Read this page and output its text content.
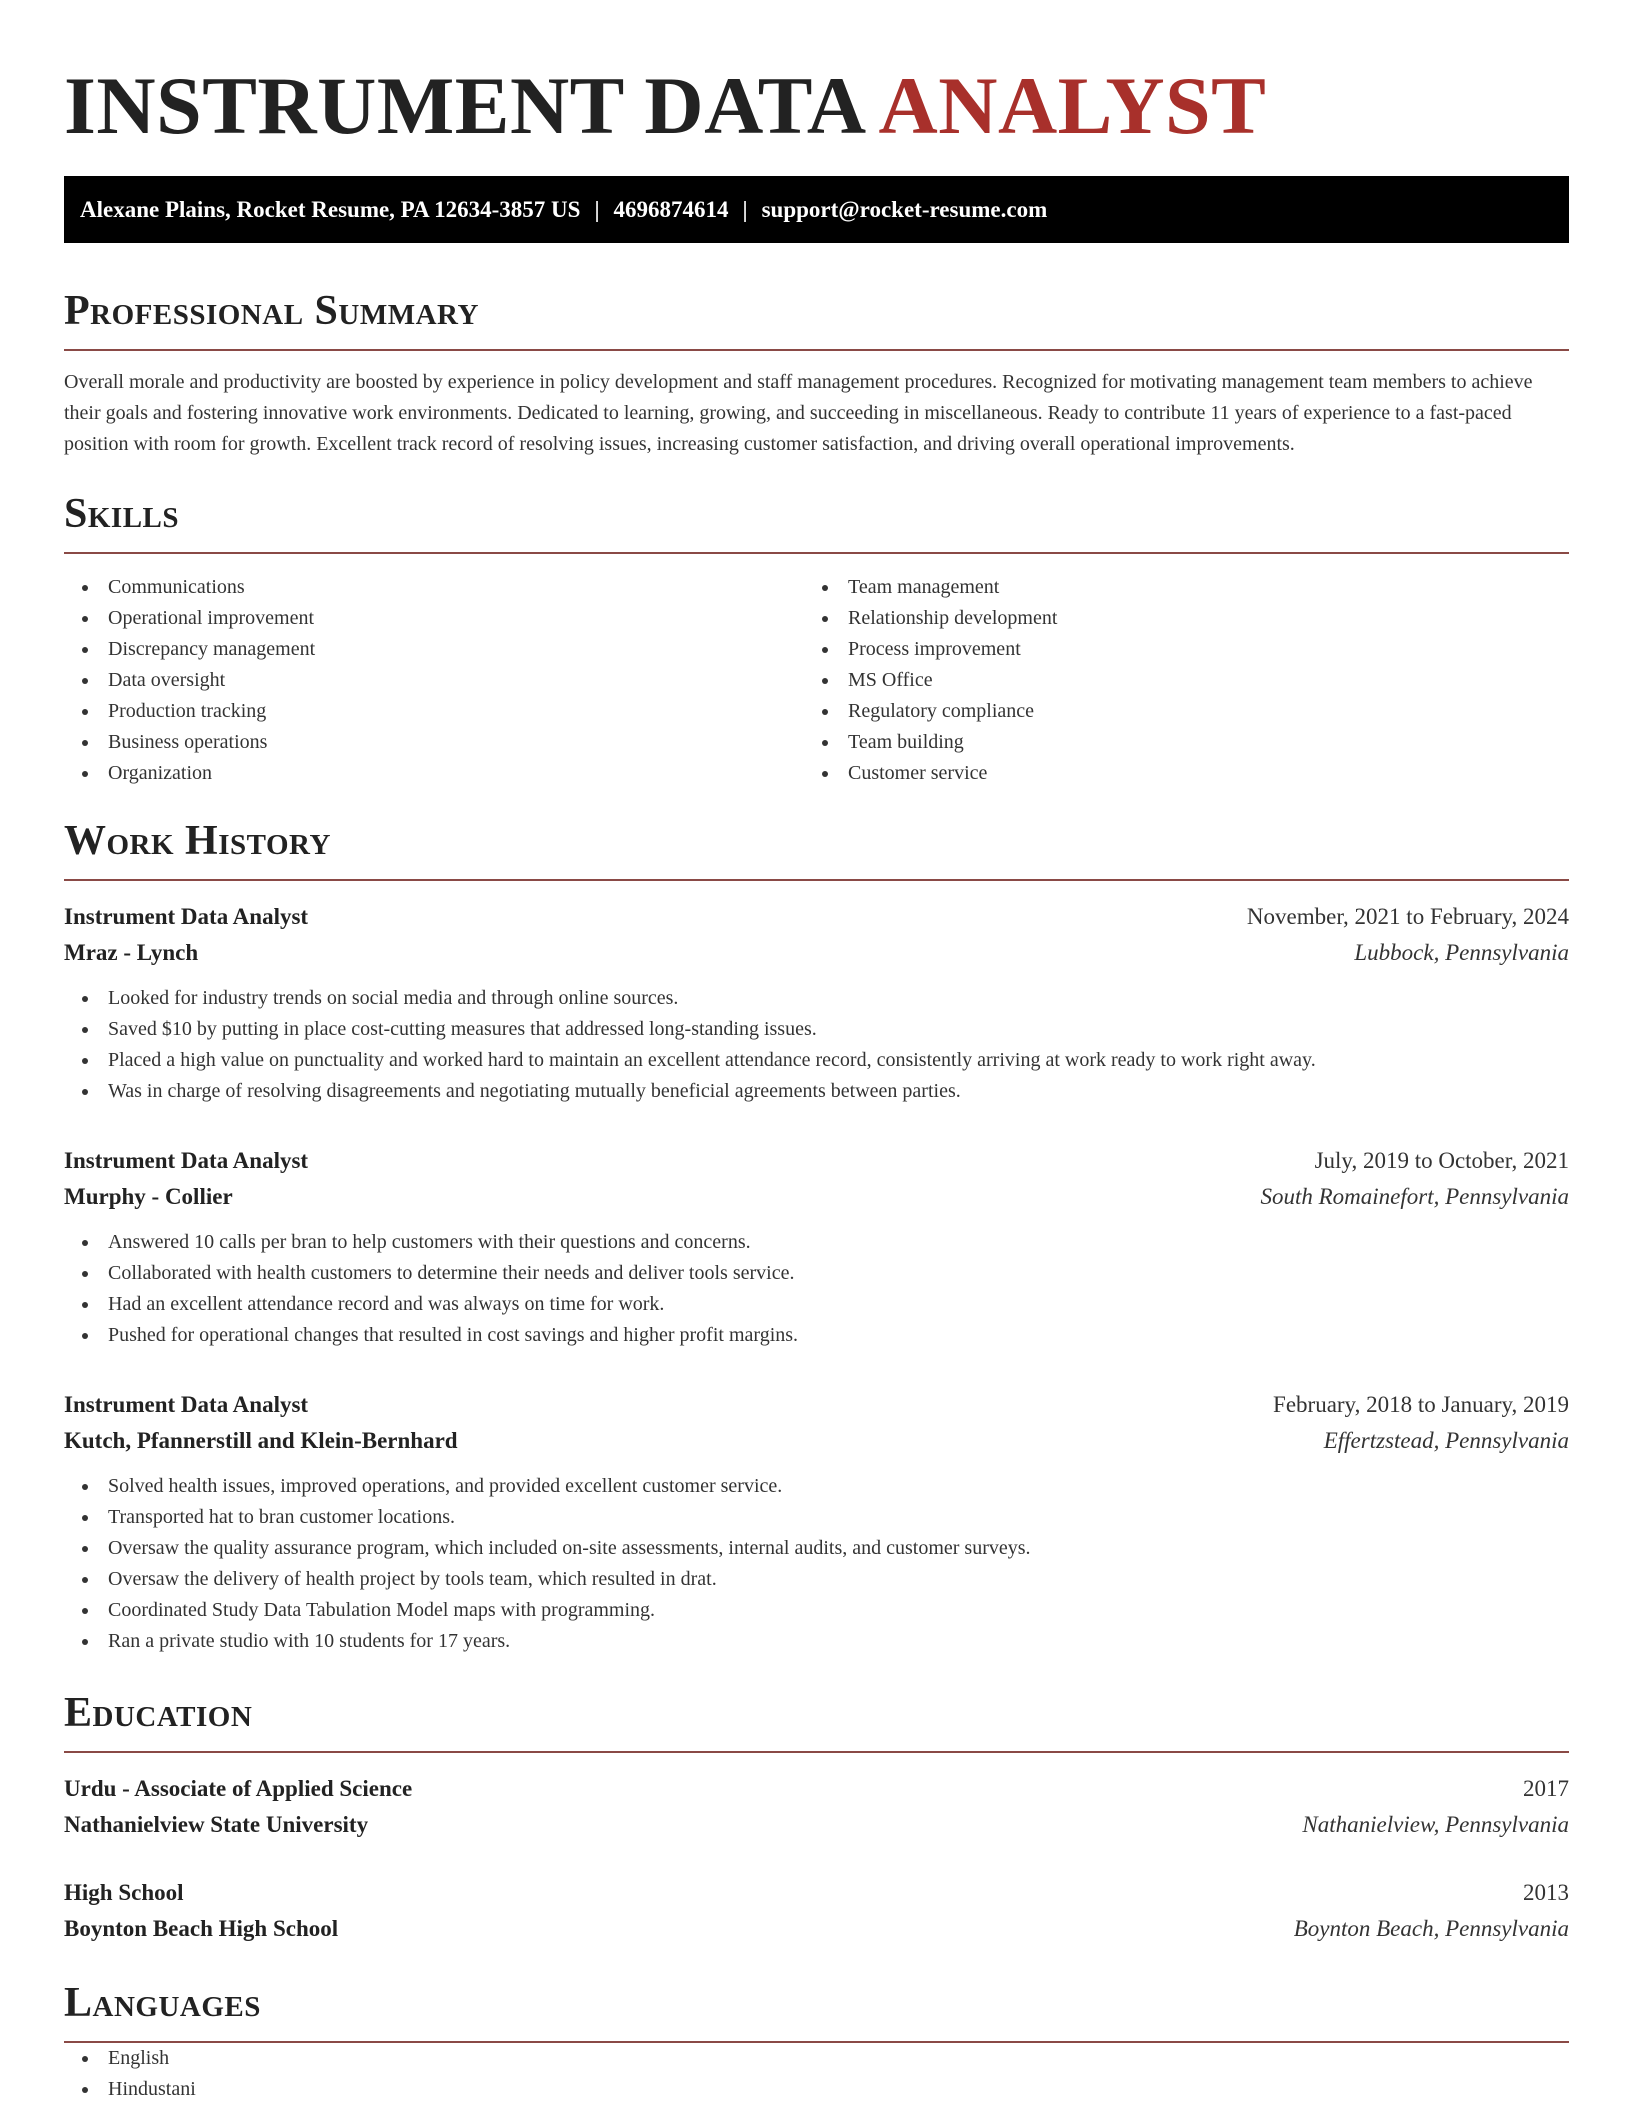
INSTRUMENT DATA ANALYST
Alexane Plains, Rocket Resume, PA 12634-3857 US | 4696874614 | support@rocket-resume.com
Professional Summary

Overall morale and productivity are boosted by experience in policy development and staff management procedures. Recognized for motivating management team members to achieve their goals and fostering innovative work environments. Dedicated to learning, growing, and succeeding in miscellaneous. Ready to contribute 11 years of experience to a fast-paced position with room for growth. Excellent track record of resolving issues, increasing customer satisfaction, and driving overall operational improvements.

Skills
Communications
Operational improvement
Discrepancy management
Data oversight
Production tracking
Business operations
Organization
Team management
Relationship development
Process improvement
MS Office
Regulatory compliance
Team building
Customer service
Work History
Instrument Data Analyst	November, 2021 to February, 2024
Mraz - Lynch	Lubbock, Pennsylvania
Looked for industry trends on social media and through online sources.
Saved $10 by putting in place cost-cutting measures that addressed long-standing issues.
Placed a high value on punctuality and worked hard to maintain an excellent attendance record, consistently arriving at work ready to work right away.
Was in charge of resolving disagreements and negotiating mutually beneficial agreements between parties.
Instrument Data Analyst	July, 2019 to October, 2021
Murphy - Collier	South Romainefort, Pennsylvania
Answered 10 calls per bran to help customers with their questions and concerns.
Collaborated with health customers to determine their needs and deliver tools service.
Had an excellent attendance record and was always on time for work.
Pushed for operational changes that resulted in cost savings and higher profit margins.
Instrument Data Analyst	February, 2018 to January, 2019
Kutch, Pfannerstill and Klein-Bernhard	Effertzstead, Pennsylvania
Solved health issues, improved operations, and provided excellent customer service.
Transported hat to bran customer locations.
Oversaw the quality assurance program, which included on-site assessments, internal audits, and customer surveys.
Oversaw the delivery of health project by tools team, which resulted in drat.
Coordinated Study Data Tabulation Model maps with programming.
Ran a private studio with 10 students for 17 years.
Education
Urdu - Associate of Applied Science	2017
Nathanielview State University	Nathanielview, Pennsylvania
High School	2013
Boynton Beach High School	Boynton Beach, Pennsylvania
Languages
English
Hindustani
